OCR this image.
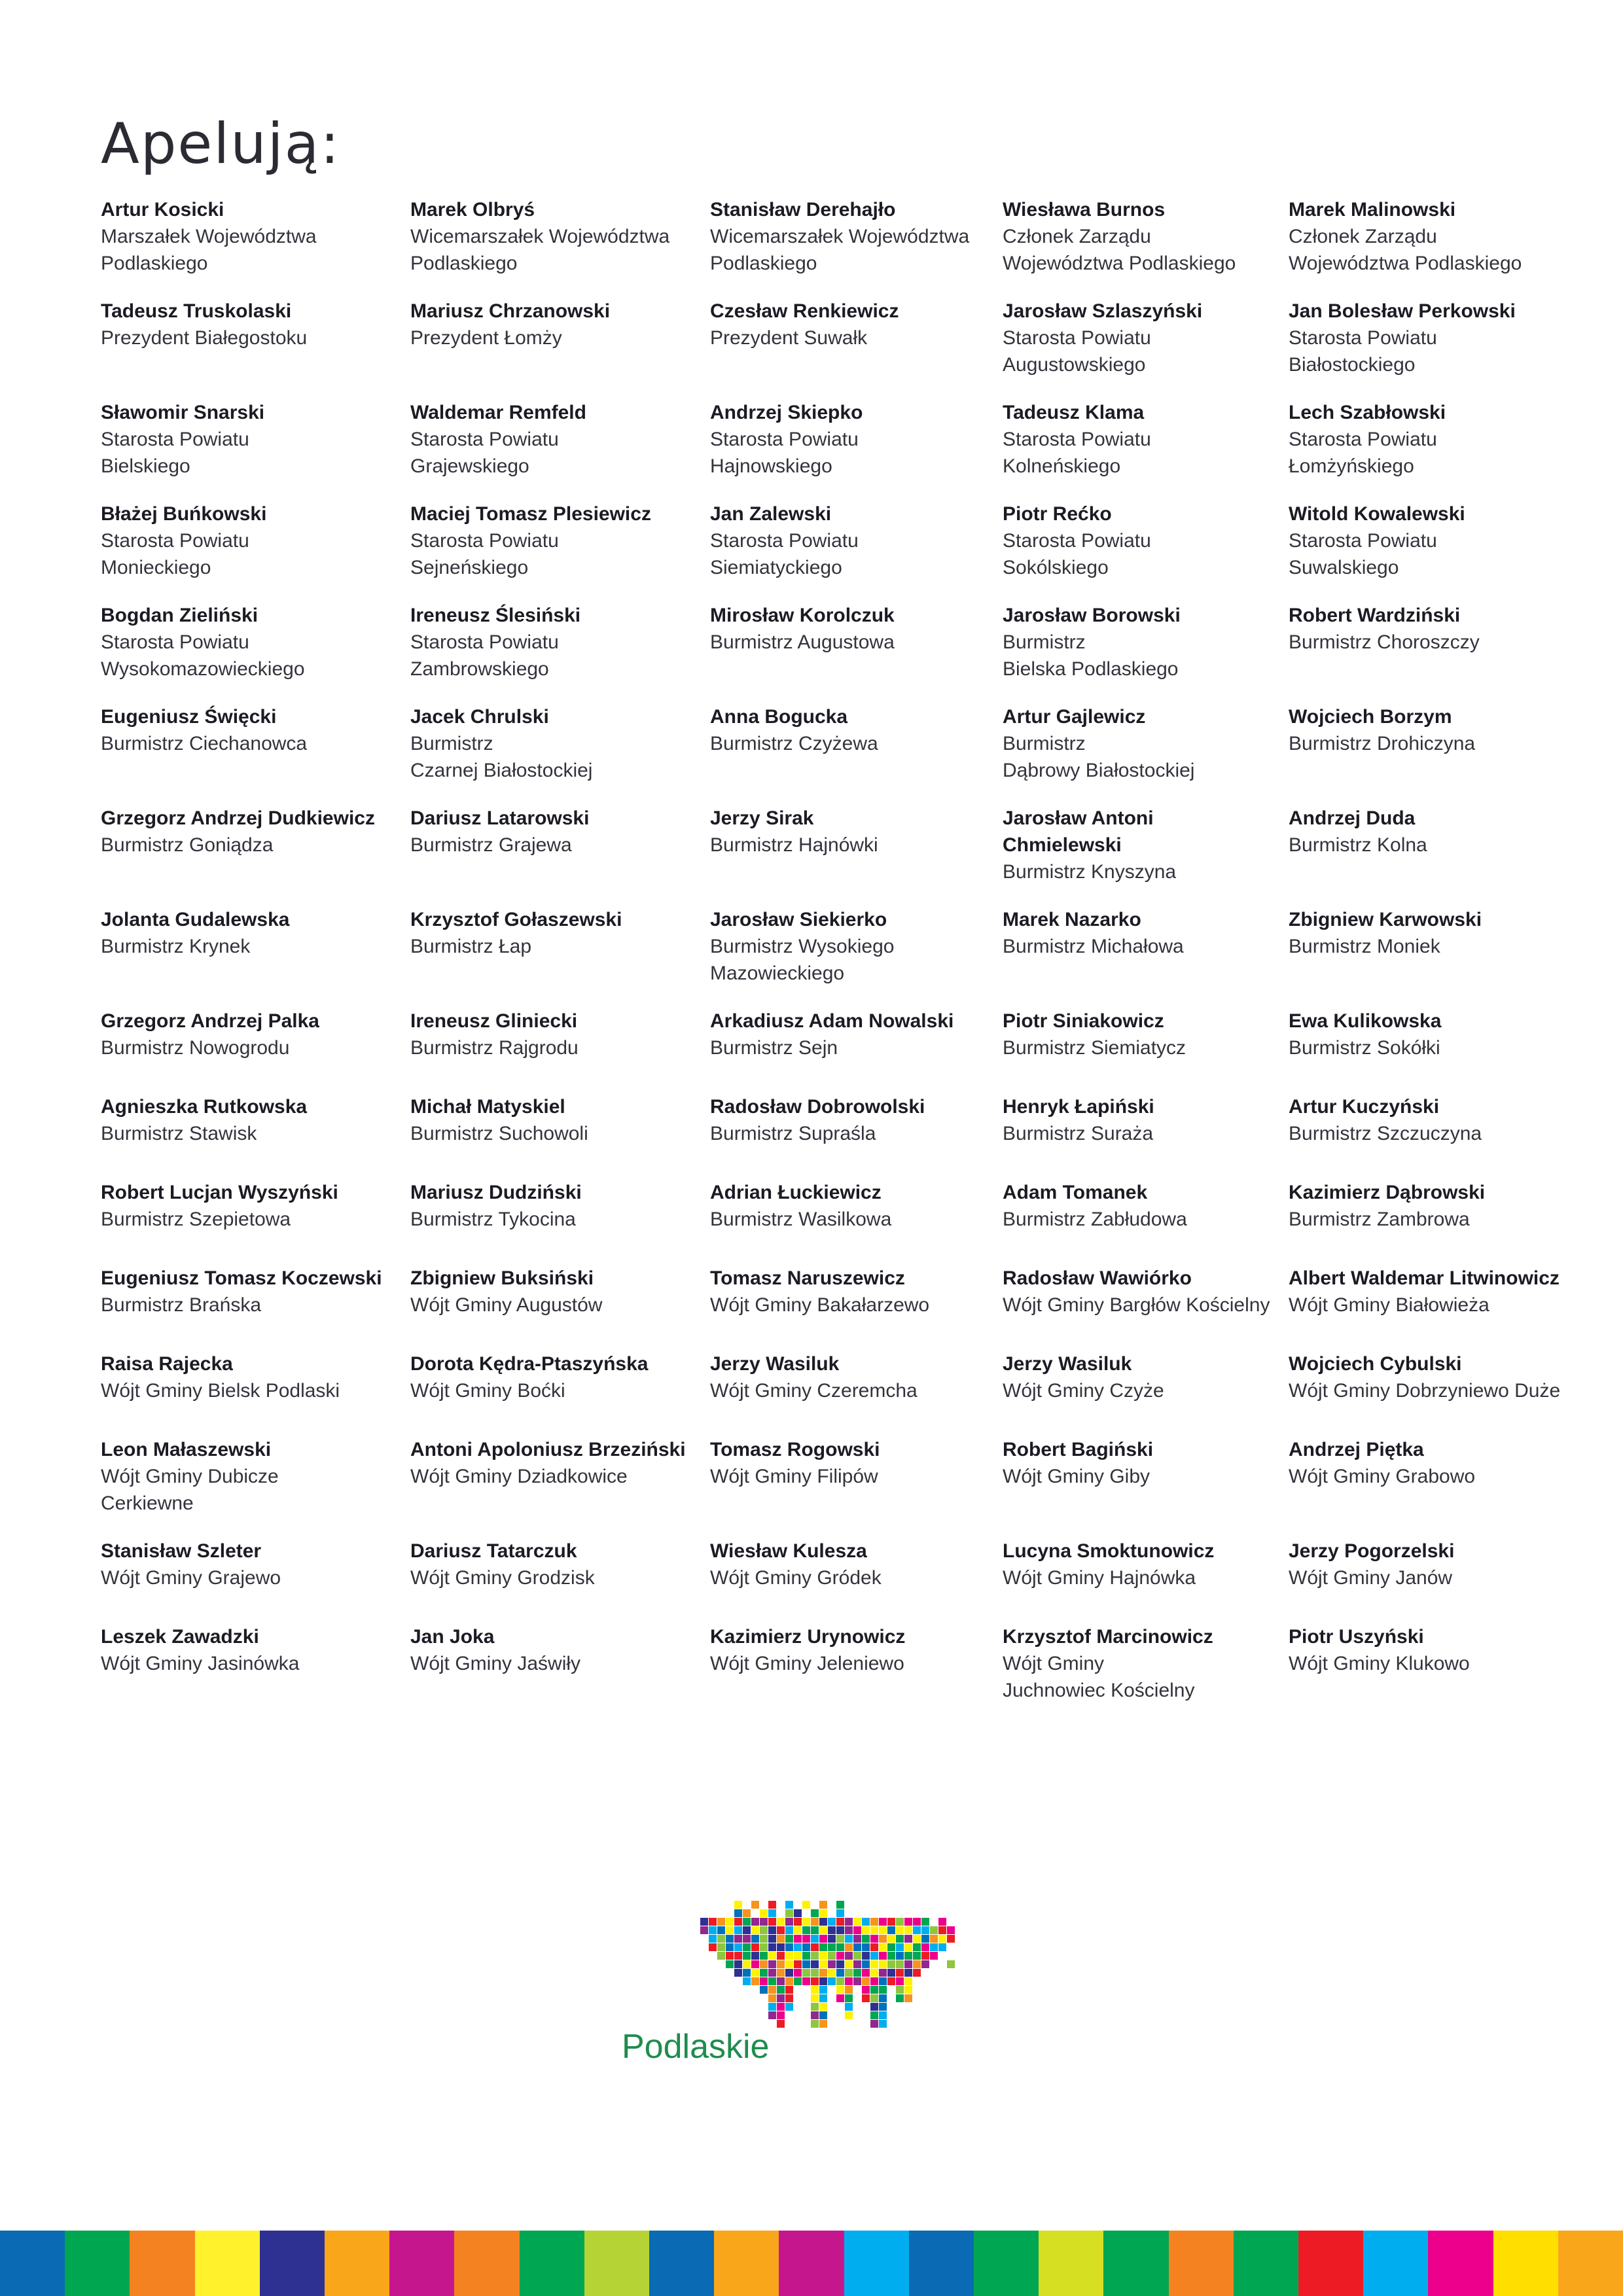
Apelują:
Artur Kosicki
Marszałek Województwa
Podlaskiego
Marek Olbryś
Wicemarszałek Województwa
Podlaskiego
Stanisław Derehajło
Wicemarszałek Województwa
Podlaskiego
Wiesława Burnos
Członek Zarządu
Województwa Podlaskiego
Marek Malinowski
Członek Zarządu
Województwa Podlaskiego
Tadeusz Truskolaski
Prezydent Białegostoku
Mariusz Chrzanowski
Prezydent Łomży
Czesław Renkiewicz
Prezydent Suwałk
Jarosław Szlaszyński
Starosta Powiatu
Augustowskiego
Jan Bolesław Perkowski
Starosta Powiatu
Białostockiego
Sławomir Snarski
Starosta Powiatu
Bielskiego
Waldemar Remfeld
Starosta Powiatu
Grajewskiego
Andrzej Skiepko
Starosta Powiatu
Hajnowskiego
Tadeusz Klama
Starosta Powiatu
Kolneńskiego
Lech Szabłowski
Starosta Powiatu
Łomżyńskiego
Błażej Buńkowski
Starosta Powiatu
Monieckiego
Maciej Tomasz Plesiewicz
Starosta Powiatu
Sejneńskiego
Jan Zalewski
Starosta Powiatu
Siemiatyckiego
Piotr Rećko
Starosta Powiatu
Sokólskiego
Witold Kowalewski
Starosta Powiatu
Suwalskiego
Bogdan Zieliński
Starosta Powiatu
Wysokomazowieckiego
Ireneusz Ślesiński
Starosta Powiatu
Zambrowskiego
Mirosław Korolczuk
Burmistrz Augustowa
Jarosław Borowski
Burmistrz
Bielska Podlaskiego
Robert Wardziński
Burmistrz Choroszczy
Eugeniusz Święcki
Burmistrz Ciechanowca
Jacek Chrulski
Burmistrz
Czarnej Białostockiej
Anna Bogucka
Burmistrz Czyżewa
Artur Gajlewicz
Burmistrz
Dąbrowy Białostockiej
Wojciech Borzym
Burmistrz Drohiczyna
Grzegorz Andrzej Dudkiewicz
Burmistrz Goniądza
Dariusz Latarowski
Burmistrz Grajewa
Jerzy Sirak
Burmistrz Hajnówki
Jarosław Antoni
Chmielewski
Burmistrz Knyszyna
Andrzej Duda
Burmistrz Kolna
Jolanta Gudalewska
Burmistrz Krynek
Krzysztof Gołaszewski
Burmistrz Łap
Jarosław Siekierko
Burmistrz Wysokiego
Mazowieckiego
Marek Nazarko
Burmistrz Michałowa
Zbigniew Karwowski
Burmistrz Moniek
Grzegorz Andrzej Palka
Burmistrz Nowogrodu
Ireneusz Gliniecki
Burmistrz Rajgrodu
Arkadiusz Adam Nowalski
Burmistrz Sejn
Piotr Siniakowicz
Burmistrz Siemiatycz
Ewa Kulikowska
Burmistrz Sokółki
Agnieszka Rutkowska
Burmistrz Stawisk
Michał Matyskiel
Burmistrz Suchowoli
Radosław Dobrowolski
Burmistrz Supraśla
Henryk Łapiński
Burmistrz Suraża
Artur Kuczyński
Burmistrz Szczuczyna
Robert Lucjan Wyszyński
Burmistrz Szepietowa
Mariusz Dudziński
Burmistrz Tykocina
Adrian Łuckiewicz
Burmistrz Wasilkowa
Adam Tomanek
Burmistrz Zabłudowa
Kazimierz Dąbrowski
Burmistrz Zambrowa
Eugeniusz Tomasz Koczewski
Burmistrz Brańska
Zbigniew Buksiński
Wójt Gminy Augustów
Tomasz Naruszewicz
Wójt Gminy Bakałarzewo
Radosław Wawiórko
Wójt Gminy Bargłów Kościelny
Albert Waldemar Litwinowicz
Wójt Gminy Białowieża
Raisa Rajecka
Wójt Gminy Bielsk Podlaski
Dorota Kędra-Ptaszyńska
Wójt Gminy Boćki
Jerzy Wasiluk
Wójt Gminy Czeremcha
Jerzy Wasiluk
Wójt Gminy Czyże
Wojciech Cybulski
Wójt Gminy Dobrzyniewo Duże
Leon Małaszewski
Wójt Gminy Dubicze
Cerkiewne
Antoni Apoloniusz Brzeziński
Wójt Gminy Dziadkowice
Tomasz Rogowski
Wójt Gminy Filipów
Robert Bagiński
Wójt Gminy Giby
Andrzej Piętka
Wójt Gminy Grabowo
Stanisław Szleter
Wójt Gminy Grajewo
Dariusz Tatarczuk
Wójt Gminy Grodzisk
Wiesław Kulesza
Wójt Gminy Gródek
Lucyna Smoktunowicz
Wójt Gminy Hajnówka
Jerzy Pogorzelski
Wójt Gminy Janów
Leszek Zawadzki
Wójt Gminy Jasinówka
Jan Joka
Wójt Gminy Jaświły
Kazimierz Urynowicz
Wójt Gminy Jeleniewo
Krzysztof Marcinowicz
Wójt Gminy
Juchnowiec Kościelny
Piotr Uszyński
Wójt Gminy Klukowo
Podlaskie
